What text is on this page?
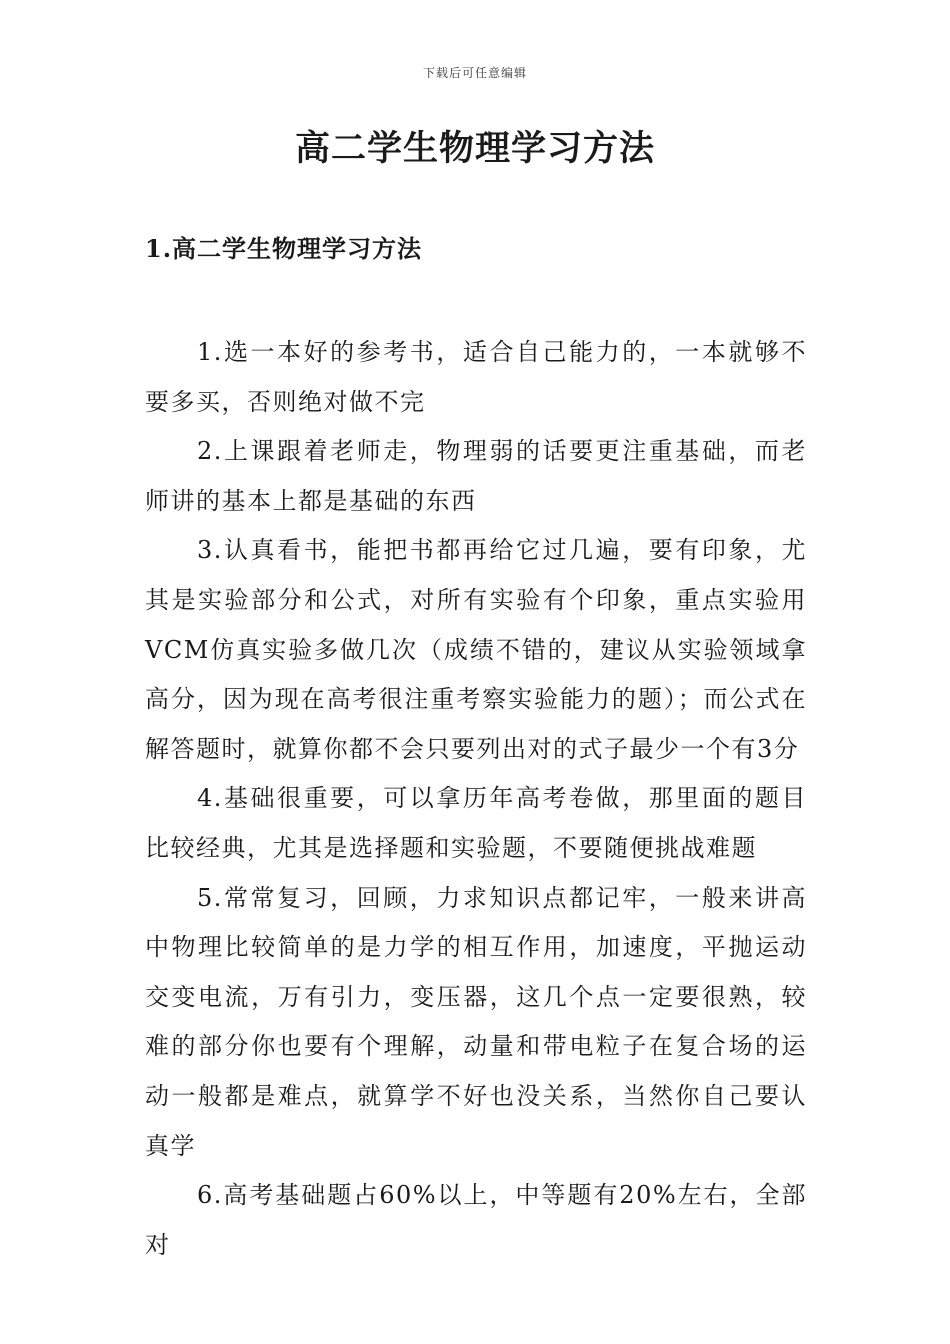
下载后可任意编辑
高二学生物理学习方法
1.高二学生物理学习方法

1.选一本好的参考书，适合自己能力的，一本就够不要多买，否则绝对做不完

2.上课跟着老师走，物理弱的话要更注重基础，而老师讲的基本上都是基础的东西

3.认真看书，能把书都再给它过几遍，要有印象，尤其是实验部分和公式，对所有实验有个印象，重点实验用VCM仿真实验多做几次（成绩不错的，建议从实验领域拿高分，因为现在高考很注重考察实验能力的题）；而公式在解答题时，就算你都不会只要列出对的式子最少一个有3分

4.基础很重要，可以拿历年高考卷做，那里面的题目比较经典，尤其是选择题和实验题，不要随便挑战难题

5.常常复习，回顾，力求知识点都记牢，一般来讲高中物理比较简单的是力学的相互作用，加速度，平抛运动交变电流，万有引力，变压器，这几个点一定要很熟，较难的部分你也要有个理解，动量和带电粒子在复合场的运动一般都是难点，就算学不好也没关系，当然你自己要认真学

6.高考基础题占60%以上，中等题有20%左右，全部对
